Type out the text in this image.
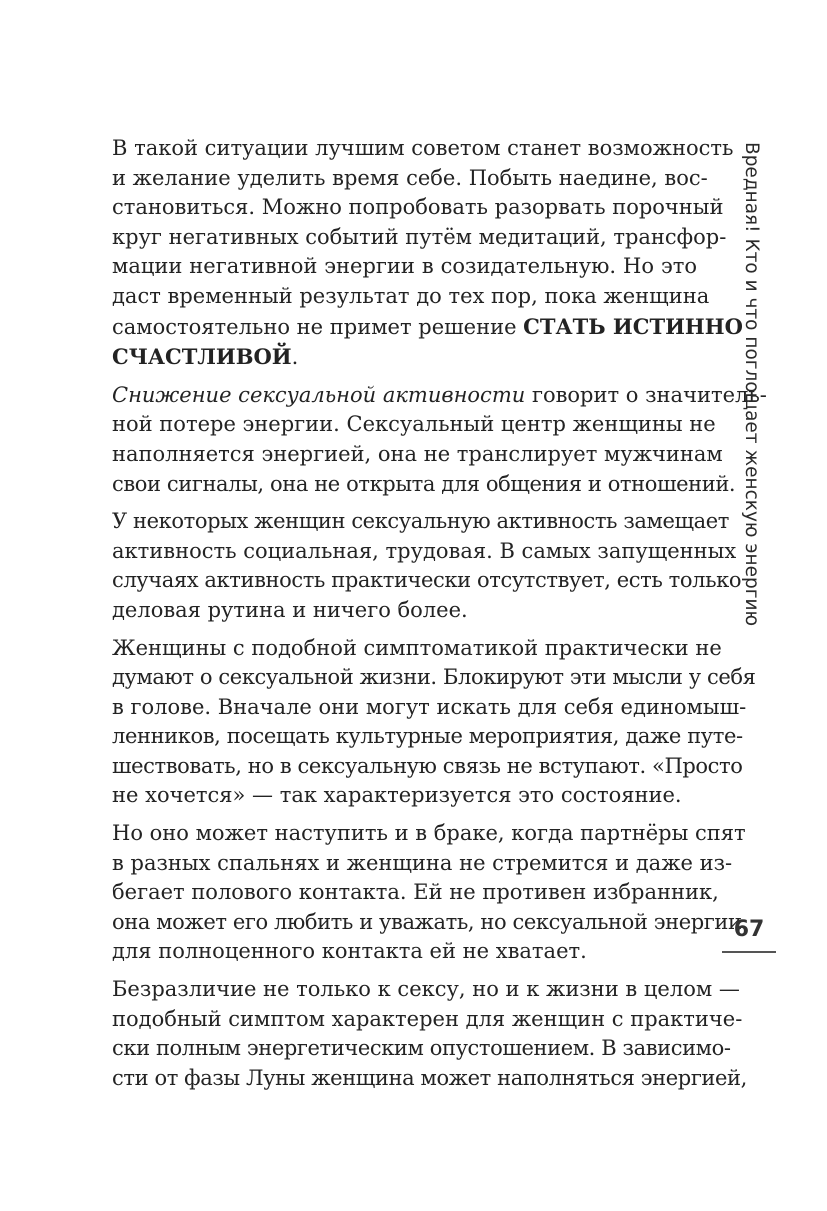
В такой ситуации лучшим советом станет возможность
и желание уделить время себе. Побыть наедине, вос-
становиться. Можно попробовать разорвать порочный
круг негативных событий путём медитаций, трансфор-
мации негативной энергии в созидательную. Но это
даст временный результат до тех пор, пока женщина
самостоятельно не примет решение СТАТЬ ИСТИННО
СЧАСТЛИВОЙ.

Снижение сексуальной активности говорит о значитель-
ной потере энергии. Сексуальный центр женщины не
наполняется энергией, она не транслирует мужчинам
свои сигналы, она не открыта для общения и отношений.

У некоторых женщин сексуальную активность замещает
активность социальная, трудовая. В самых запущенных
случаях активность практически отсутствует, есть только
деловая рутина и ничего более.

Женщины с подобной симптоматикой практически не
думают о сексуальной жизни. Блокируют эти мысли у себя
в голове. Вначале они могут искать для себя единомыш-
ленников, посещать культурные мероприятия, даже путе-
шествовать, но в сексуальную связь не вступают. «Просто
не хочется» — так характеризуется это состояние.

Но оно может наступить и в браке, когда партнёры спят
в разных спальнях и женщина не стремится и даже из-
бегает полового контакта. Ей не противен избранник,
она может его любить и уважать, но сексуальной энергии
для полноценного контакта ей не хватает.

Безразличие не только к сексу, но и к жизни в целом —
подобный симптом характерен для женщин с практиче-
ски полным энергетическим опустошением. В зависимо-
сти от фазы Луны женщина может наполняться энергией,

Вредная! Кто и что поглощает женскую энергию
67
